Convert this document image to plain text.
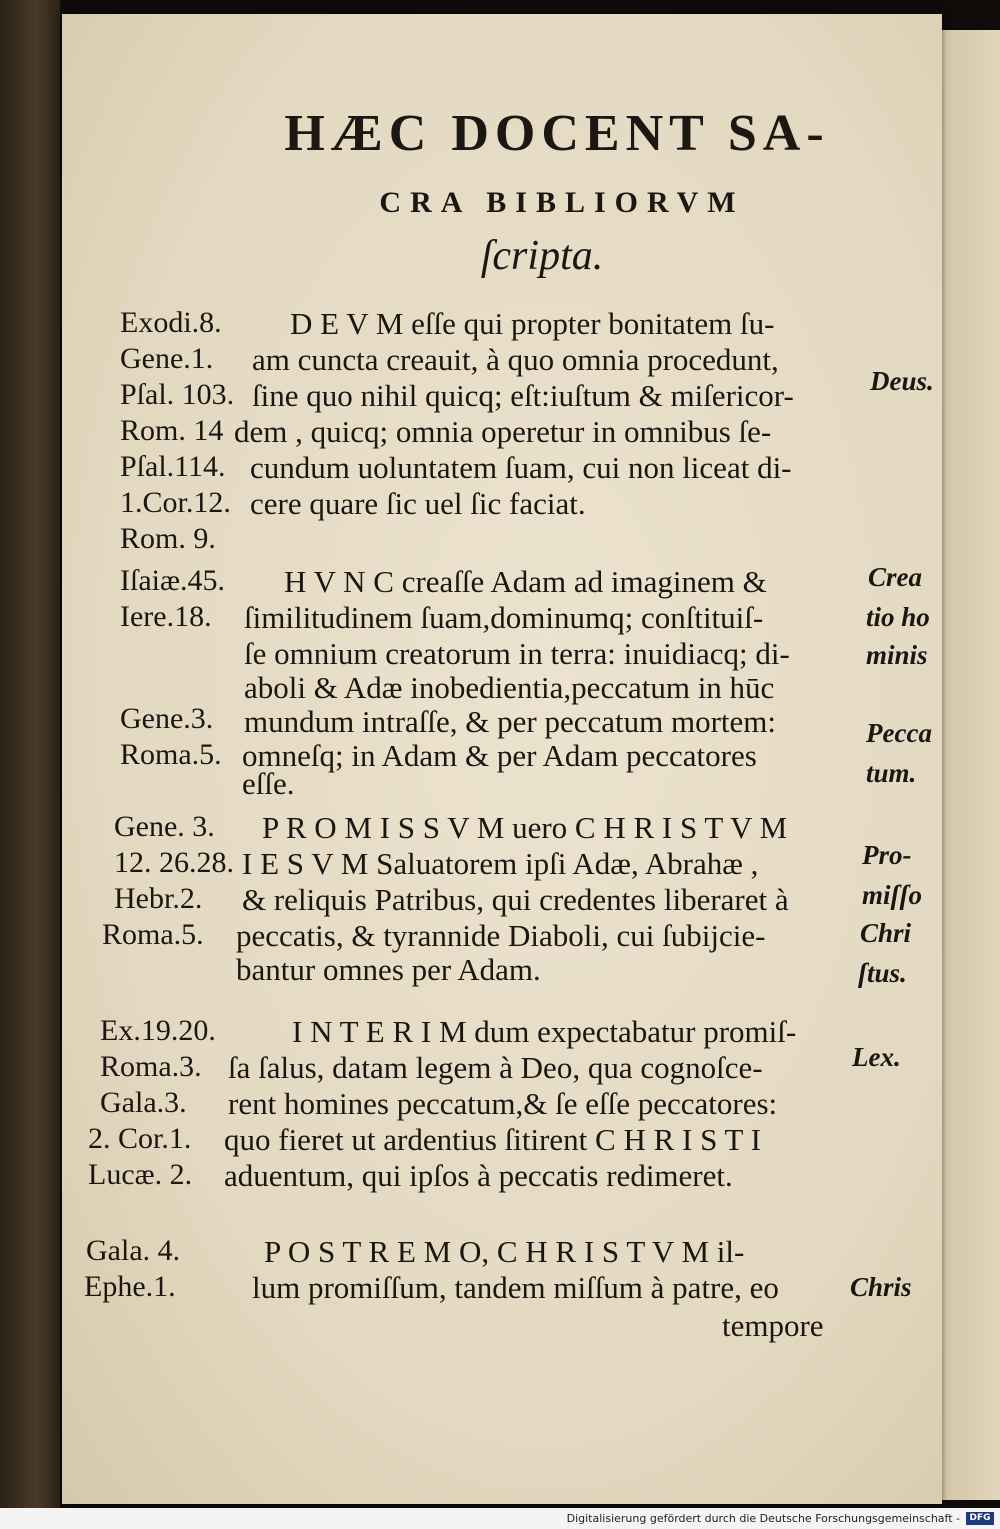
HÆC DOCENT SA-
CRA BIBLIORVM
ſcripta.
Exodi.8.
Gene.1.
Pſal. 103.
Rom. 14
Pſal.114.
1.Cor.12.
Rom. 9.
Iſaiæ.45.
Iere.18.
Gene.3.
Roma.5.
Gene. 3.
12. 26.28.
Hebr.2.
Roma.5.
Ex.19.20.
Roma.3.
Gala.3.
2. Cor.1.
Lucæ. 2.
Gala. 4.
Ephe.1.
D E V M eſſe qui propter bonitatem ſu-
am cuncta creauit, à quo omnia procedunt,
ſine quo nihil quicq; eſt:iuſtum & miſericor-
dem , quicq; omnia operetur in omnibus ſe-
cundum uoluntatem ſuam, cui non liceat di-
cere quare ſic uel ſic faciat.
H V N C creaſſe Adam ad imaginem &
ſimilitudinem ſuam,dominumq; conſtituiſ-
ſe omnium creatorum in terra: inuidiacq; di-
aboli & Adæ inobedientia,peccatum in hūc
mundum intraſſe, & per peccatum mortem:
omneſq; in Adam & per Adam peccatores
eſſe.
P R O M I S S V M uero C H R I S T V M
I E S V M Saluatorem ipſi Adæ, Abrahæ ,
& reliquis Patribus, qui credentes liberaret à
peccatis, & tyrannide Diaboli, cui ſubijcie-
bantur omnes per Adam.
I N T E R I M dum expectabatur promiſ-
ſa ſalus, datam legem à Deo, qua cognoſce-
rent homines peccatum,& ſe eſſe peccatores:
quo fieret ut ardentius ſitirent C H R I S T I
aduentum, qui ipſos à peccatis redimeret.
P O S T R E M O, C H R I S T V M il-
lum promiſſum, tandem miſſum à patre, eo
tempore
Deus.
Crea
tio ho
minis
Pecca
tum.
Pro-
miſſo
Chri
ſtus.
Lex.
Chris
Digitalisierung gefördert durch die Deutsche Forschungsgemeinschaft -	DFG
